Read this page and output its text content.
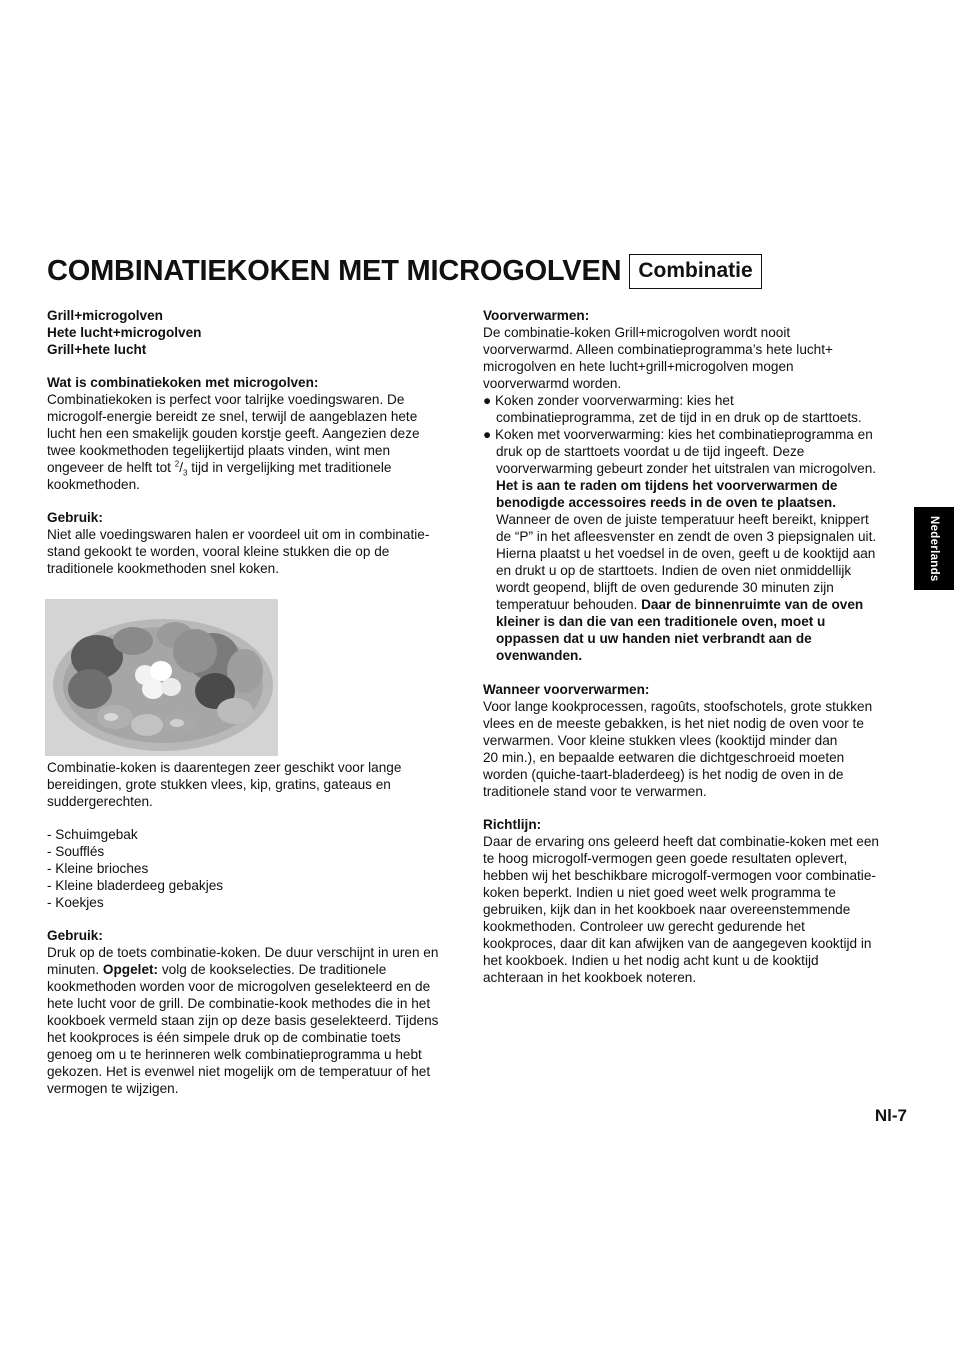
COMBINATIEKOKEN MET MICROGOLVEN Combinatie
Nederlands
Grill+microgolven
Hete lucht+microgolven
Grill+hete lucht
Wat is combinatiekoken met microgolven:
Combinatiekoken is perfect voor talrijke voedingswaren. De
microgolf-energie bereidt ze snel, terwijl de aangeblazen hete
lucht hen een smakelijk gouden korstje geeft. Aangezien deze
twee kookmethoden tegelijkertijd plaats vinden, wint men
ongeveer de helft tot $^2/_3$ tijd in vergelijking met traditionele
kookmethoden.
Gebruik:
Niet alle voedingswaren halen er voordeel uit om in combinatie-
stand gekookt te worden, vooral kleine stukken die op de
traditionele kookmethoden snel koken.
Combinatie-koken is daarentegen zeer geschikt voor lange
bereidingen, grote stukken vlees, kip, gratins, gateaus en
suddergerechten.
- Schuimgebak
- Soufflés
- Kleine brioches
- Kleine bladerdeeg gebakjes
- Koekjes
Gebruik:
Druk op de toets combinatie-koken. De duur verschijnt in uren en
minuten. Opgelet: volg de kookselecties. De traditionele
kookmethoden worden voor de microgolven geselekteerd en de
hete lucht voor de grill. De combinatie-kook methodes die in het
kookboek vermeld staan zijn op deze basis geselekteerd. Tijdens
het kookproces is één simpele druk op de combinatie toets
genoeg om u te herinneren welk combinatieprogramma u hebt
gekozen. Het is evenwel niet mogelijk om de temperatuur of het
vermogen te wijzigen.
Voorverwarmen:
De combinatie-koken Grill+microgolven wordt nooit
voorverwarmd. Alleen combinatieprogramma’s hete lucht+
microgolven en hete lucht+grill+microgolven mogen
voorverwarmd worden.
● Koken zonder voorverwarming: kies het
combinatieprogramma, zet de tijd in en druk op de starttoets.
● Koken met voorverwarming: kies het combinatieprogramma en
druk op de starttoets voordat u de tijd ingeeft. Deze
voorverwarming gebeurt zonder het uitstralen van microgolven.
Het is aan te raden om tijdens het voorverwarmen de
benodigde accessoires reeds in de oven te plaatsen.
Wanneer de oven de juiste temperatuur heeft bereikt, knippert
de “P” in het afleesvenster en zendt de oven 3 piepsignalen uit.
Hierna plaatst u het voedsel in de oven, geeft u de kooktijd aan
en drukt u op de starttoets. Indien de oven niet onmiddellijk
wordt geopend, blijft de oven gedurende 30 minuten zijn
temperatuur behouden. Daar de binnenruimte van de oven
kleiner is dan die van een traditionele oven, moet u
oppassen dat u uw handen niet verbrandt aan de
ovenwanden.
Wanneer voorverwarmen:
Voor lange kookprocessen, ragoûts, stoofschotels, grote stukken
vlees en de meeste gebakken, is het niet nodig de oven voor te
verwarmen. Voor kleine stukken vlees (kooktijd minder dan
20 min.), en bepaalde eetwaren die dichtgeschroeid moeten
worden (quiche-taart-bladerdeeg) is het nodig de oven in de
traditionele stand voor te verwarmen.
Richtlijn:
Daar de ervaring ons geleerd heeft dat combinatie-koken met een
te hoog microgolf-vermogen geen goede resultaten oplevert,
hebben wij het beschikbare microgolf-vermogen voor combinatie-
koken beperkt. Indien u niet goed weet welk programma te
gebruiken, kijk dan in het kookboek naar overeenstemmende
kookmethoden. Controleer uw gerecht gedurende het
kookproces, daar dit kan afwijken van de aangegeven kooktijd in
het kookboek. Indien u het nodig acht kunt u de kooktijd
achteraan in het kookboek noteren.
Nl-7
